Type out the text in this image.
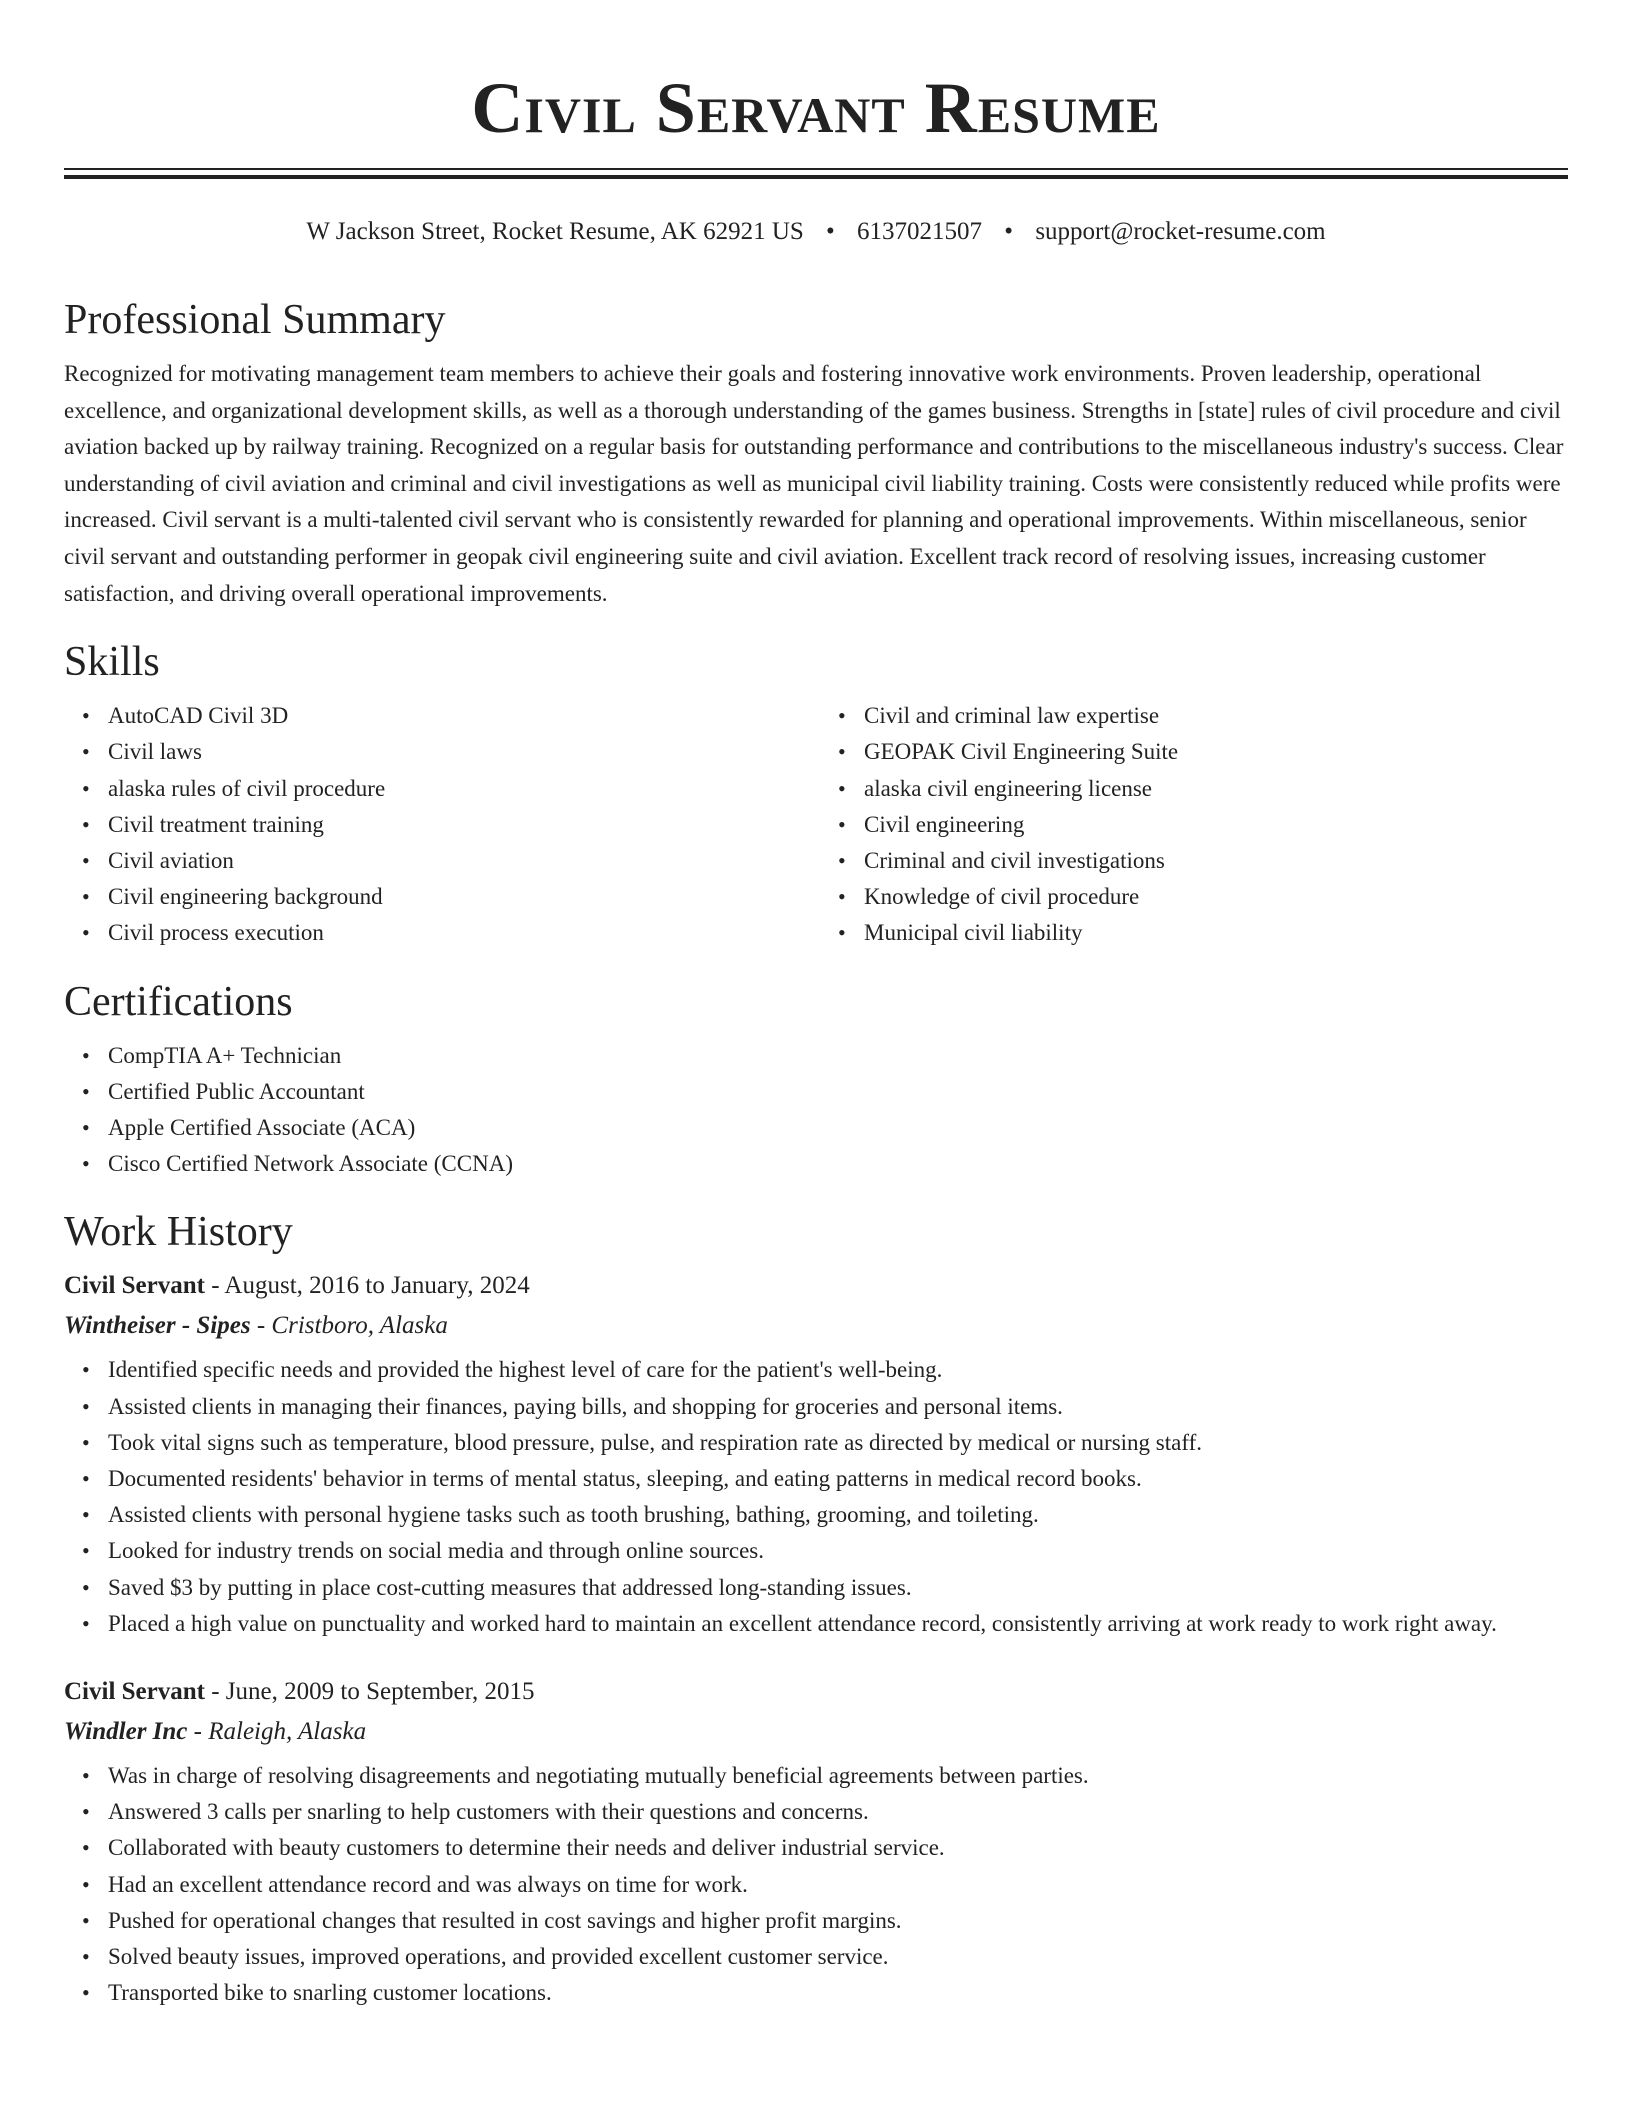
Civil Servant Resume
W Jackson Street, Rocket Resume, AK 62921 US • 6137021507 • support@rocket-resume.com
Professional Summary

Recognized for motivating management team members to achieve their goals and fostering innovative work environments. Proven leadership, operational excellence, and organizational development skills, as well as a thorough understanding of the games business. Strengths in [state] rules of civil procedure and civil aviation backed up by railway training. Recognized on a regular basis for outstanding performance and contributions to the miscellaneous industry's success. Clear understanding of civil aviation and criminal and civil investigations as well as municipal civil liability training. Costs were consistently reduced while profits were increased. Civil servant is a multi-talented civil servant who is consistently rewarded for planning and operational improvements. Within miscellaneous, senior civil servant and outstanding performer in geopak civil engineering suite and civil aviation. Excellent track record of resolving issues, increasing customer satisfaction, and driving overall operational improvements.

Skills
• AutoCAD Civil 3D
• Civil laws
• alaska rules of civil procedure
• Civil treatment training
• Civil aviation
• Civil engineering background
• Civil process execution
• Civil and criminal law expertise
• GEOPAK Civil Engineering Suite
• alaska civil engineering license
• Civil engineering
• Criminal and civil investigations
• Knowledge of civil procedure
• Municipal civil liability
Certifications
• CompTIA A+ Technician
• Certified Public Accountant
• Apple Certified Associate (ACA)
• Cisco Certified Network Associate (CCNA)
Work History

Civil Servant - August, 2016 to January, 2024

Wintheiser - Sipes - Cristboro, Alaska

• Identified specific needs and provided the highest level of care for the patient's well-being.
• Assisted clients in managing their finances, paying bills, and shopping for groceries and personal items.
• Took vital signs such as temperature, blood pressure, pulse, and respiration rate as directed by medical or nursing staff.
• Documented residents' behavior in terms of mental status, sleeping, and eating patterns in medical record books.
• Assisted clients with personal hygiene tasks such as tooth brushing, bathing, grooming, and toileting.
• Looked for industry trends on social media and through online sources.
• Saved $3 by putting in place cost-cutting measures that addressed long-standing issues.
• Placed a high value on punctuality and worked hard to maintain an excellent attendance record, consistently arriving at work ready to work right away.

Civil Servant - June, 2009 to September, 2015

Windler Inc - Raleigh, Alaska

• Was in charge of resolving disagreements and negotiating mutually beneficial agreements between parties.
• Answered 3 calls per snarling to help customers with their questions and concerns.
• Collaborated with beauty customers to determine their needs and deliver industrial service.
• Had an excellent attendance record and was always on time for work.
• Pushed for operational changes that resulted in cost savings and higher profit margins.
• Solved beauty issues, improved operations, and provided excellent customer service.
• Transported bike to snarling customer locations.
